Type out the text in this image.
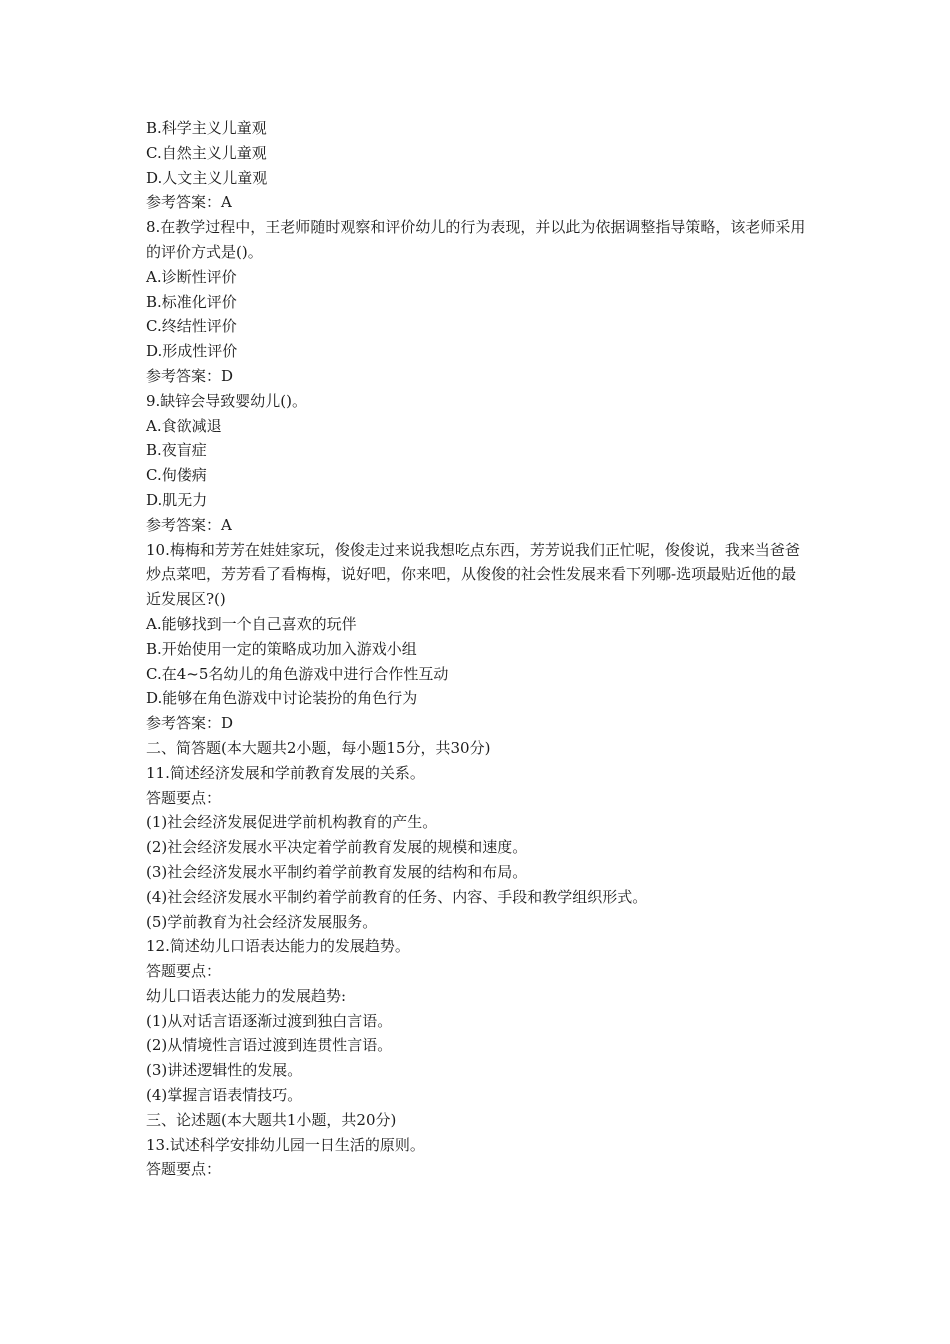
B.科学主义儿童观
C.自然主义儿童观
D.人文主义儿童观
参考答案：A
8.在教学过程中，王老师随时观察和评价幼儿的行为表现，并以此为依据调整指导策略，该老师采用的评价方式是()。
A.诊断性评价
B.标准化评价
C.终结性评价
D.形成性评价
参考答案：D
9.缺锌会导致婴幼儿()。
A.食欲减退
B.夜盲症
C.佝偻病
D.肌无力
参考答案：A
10.梅梅和芳芳在娃娃家玩，俊俊走过来说我想吃点东西，芳芳说我们正忙呢，俊俊说，我来当爸爸炒点菜吧，芳芳看了看梅梅，说好吧，你来吧，从俊俊的社会性发展来看下列哪-选项最贴近他的最近发展区?()
A.能够找到一个自己喜欢的玩伴
B.开始使用一定的策略成功加入游戏小组
C.在4~5名幼儿的角色游戏中进行合作性互动
D.能够在角色游戏中讨论装扮的角色行为
参考答案：D
二、简答题(本大题共2小题，每小题15分，共30分)
11.简述经济发展和学前教育发展的关系。
答题要点：
(1)社会经济发展促进学前机构教育的产生。
(2)社会经济发展水平决定着学前教育发展的规模和速度。
(3)社会经济发展水平制约着学前教育发展的结构和布局。
(4)社会经济发展水平制约着学前教育的任务、内容、手段和教学组织形式。
(5)学前教育为社会经济发展服务。
12.简述幼儿口语表达能力的发展趋势。
答题要点：
幼儿口语表达能力的发展趋势:
(1)从对话言语逐渐过渡到独白言语。
(2)从情境性言语过渡到连贯性言语。
(3)讲述逻辑性的发展。
(4)掌握言语表情技巧。
三、论述题(本大题共1小题，共20分)
13.试述科学安排幼儿园一日生活的原则。
答题要点：
